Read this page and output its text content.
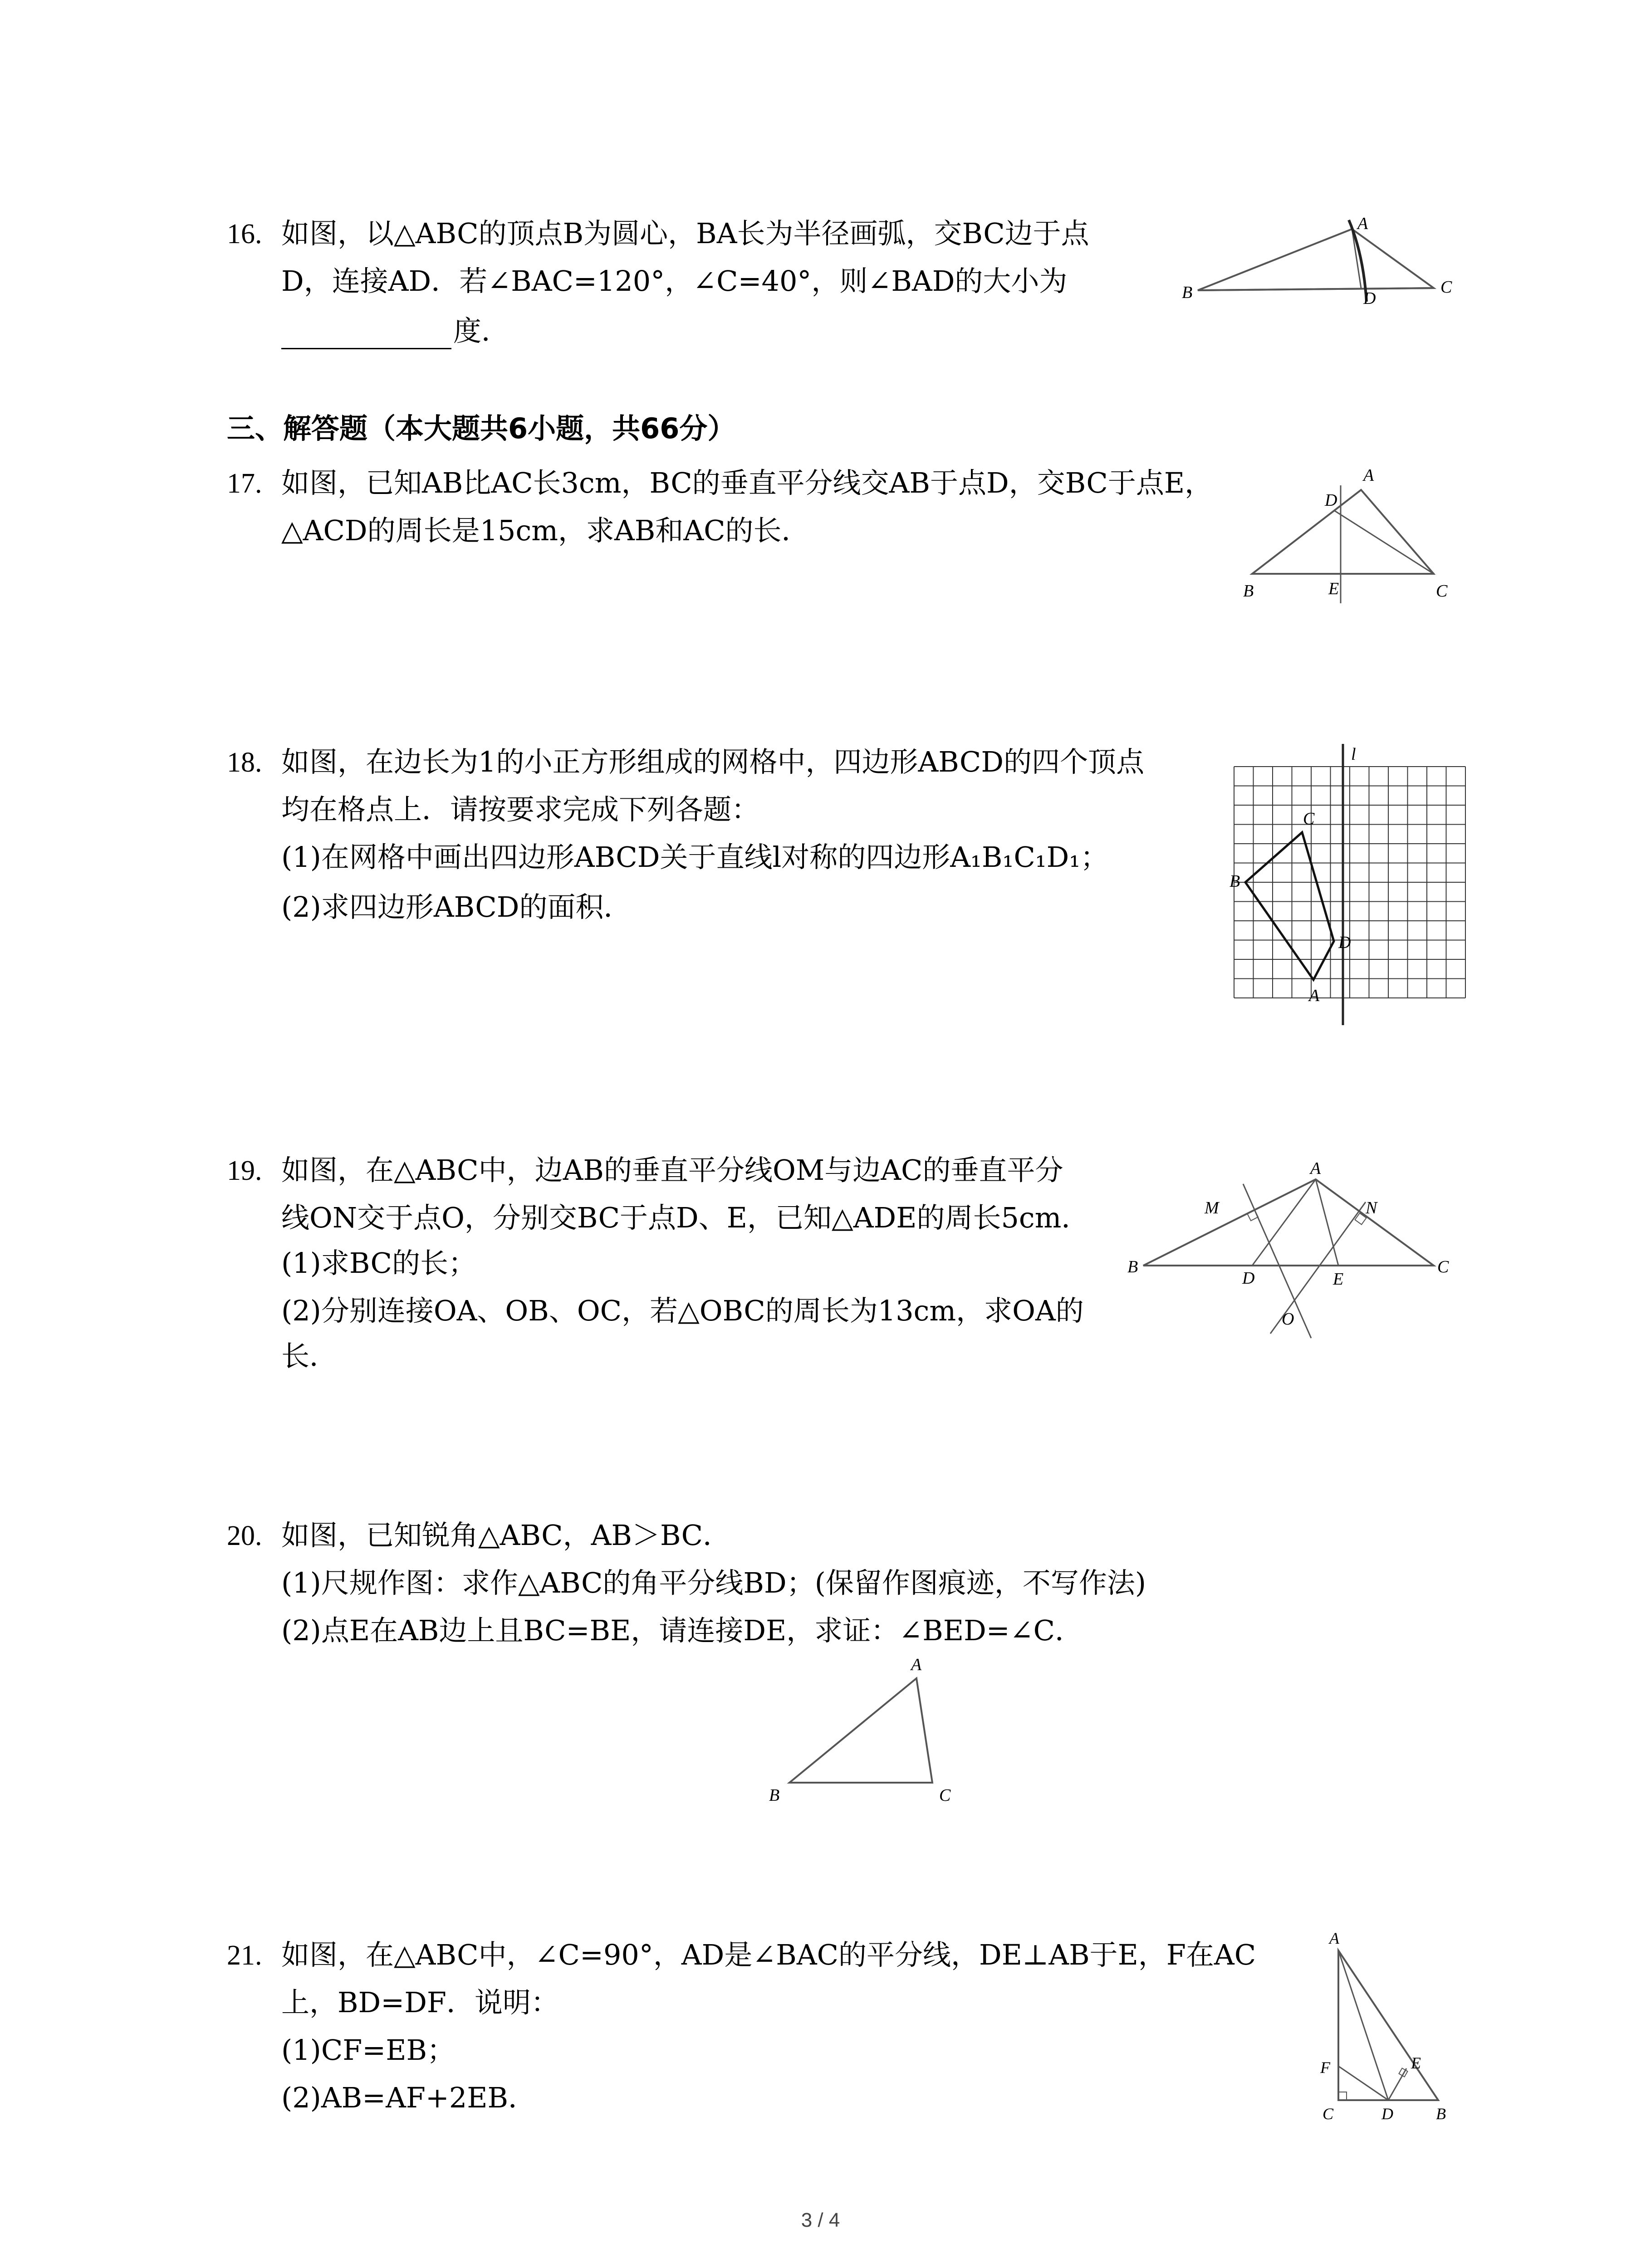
16. 如图，以△ABC的顶点B为圆心，BA长为半径画弧，交BC边于点
D，连接AD．若∠BAC=120°，∠C=40°，则∠BAD的大小为
度．
A
B	C
D
三、解答题（本大题共6小题，共66分）
17. 如图，已知AB比AC长3cm，BC的垂直平分线交AB于点D，交BC于点E，
△ACD的周长是15cm，求AB和AC的长．
A
B	C
D
E
18. 如图，在边长为1的小正方形组成的网格中，四边形ABCD的四个顶点
均在格点上．请按要求完成下列各题：
(1)在网格中画出四边形ABCD关于直线l对称的四边形A₁B₁C₁D₁；
(2)求四边形ABCD的面积．
l
C
B
D
A
19. 如图，在△ABC中，边AB的垂直平分线OM与边AC的垂直平分
线ON交于点O，分别交BC于点D、E，已知△ADE的周长5cm．
(1)求BC的长；
(2)分别连接OA、OB、OC，若△OBC的周长为13cm，求OA的
长．
A
B	C
D	E
M	N
O
20. 如图，已知锐角△ABC，AB＞BC．
(1)尺规作图：求作△ABC的角平分线BD；(保留作图痕迹，不写作法)
(2)点E在AB边上且BC=BE，请连接DE，求证：∠BED=∠C．
A
B	C
21. 如图，在△ABC中，∠C=90°，AD是∠BAC的平分线，DE⊥AB于E，F在AC
上，BD=DF．说明：
(1)CF=EB；
(2)AB=AF+2EB．
A
F	E
C	D	B
3 / 4
